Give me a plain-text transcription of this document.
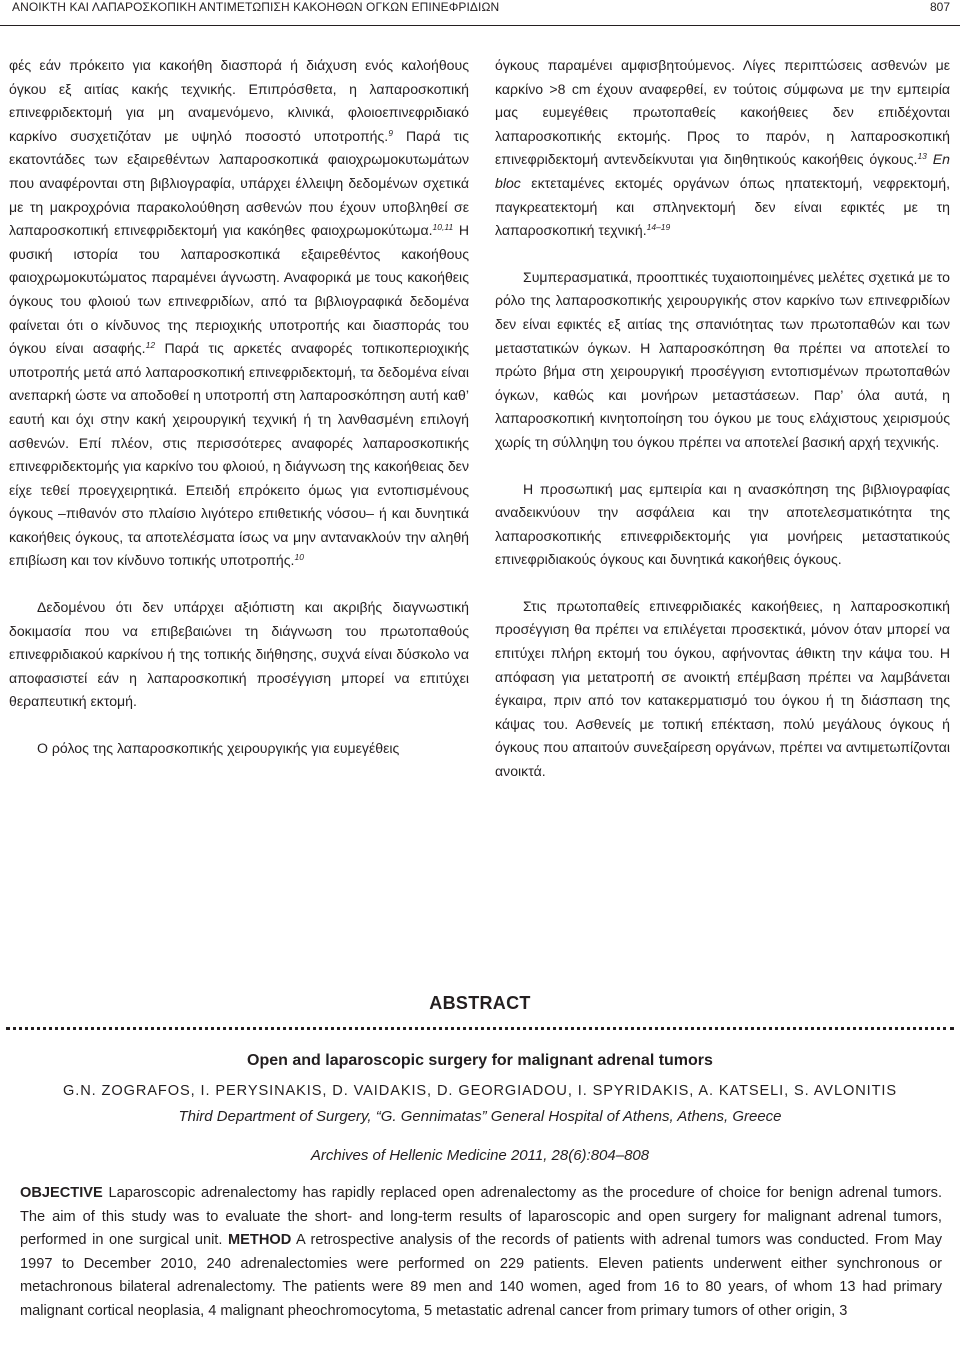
ΑΝΟΙΚΤΗ ΚΑΙ ΛΑΠΑΡΟΣΚΟΠΙΚΗ ΑΝΤΙΜΕΤΩΠΙΣΗ ΚΑΚΟΗΘΩΝ ΟΓΚΩΝ ΕΠΙΝΕΦΡΙΔΙΩΝ	807

φές εάν πρόκειτο για κακοήθη διασπορά ή διάχυση ενός καλοήθους όγκου εξ αιτίας κακής τεχνικής. Επιπρόσθετα, η λαπαροσκοπική επινεφριδεκτομή για μη αναμενόμενο, κλινικά, φλοιοεπινεφριδιακό καρκίνο συσχετιζόταν με υψηλό ποσοστό υποτροπής.$^9$ Παρά τις εκατοντάδες των εξαιρεθέντων λαπαροσκοπικά φαιοχρωμοκυτωμάτων που αναφέρονται στη βιβλιογραφία, υπάρχει έλλειψη δεδομένων σχετικά με τη μακροχρόνια παρακολούθηση ασθενών που έχουν υποβληθεί σε λαπαροσκοπική επινεφριδεκτομή για κακόηθες φαιοχρωμοκύτωμα.$^{10,11}$ Η φυσική ιστορία του λαπαροσκοπικά εξαιρεθέντος κακοήθους φαιοχρωμοκυτώματος παραμένει άγνωστη. Αναφορικά με τους κακοήθεις όγκους του φλοιού των επινεφριδίων, από τα βιβλιογραφικά δεδομένα φαίνεται ότι ο κίνδυνος της περιοχικής υποτροπής και διασποράς του όγκου είναι ασαφής.$^{12}$ Παρά τις αρκετές αναφορές τοπικοπεριοχικής υποτροπής μετά από λαπαροσκοπική επινεφριδεκτομή, τα δεδομένα είναι ανεπαρκή ώστε να αποδοθεί η υποτροπή στη λαπαροσκόπηση αυτή καθ’ εαυτή και όχι στην κακή χειρουργική τεχνική ή τη λανθασμένη επιλογή ασθενών. Επί πλέον, στις περισσότερες αναφορές λαπαροσκοπικής επινεφριδεκτομής για καρκίνο του φλοιού, η διάγνωση της κακοήθειας δεν είχε τεθεί προεγχειρητικά. Επειδή επρόκειτο όμως για εντοπισμένους όγκους ‒πιθανόν στο πλαίσιο λιγότερο επιθετικής νόσου‒ ή και δυνητικά κακοήθεις όγκους, τα αποτελέσματα ίσως να μην αντανακλούν την αληθή επιβίωση και τον κίνδυνο τοπικής υποτροπής.$^{10}$

Δεδομένου ότι δεν υπάρχει αξιόπιστη και ακριβής διαγνωστική δοκιμασία που να επιβεβαιώνει τη διάγνωση του πρωτοπαθούς επινεφριδιακού καρκίνου ή της τοπικής διήθησης, συχνά είναι δύσκολο να αποφασιστεί εάν η λαπαροσκοπική προσέγγιση μπορεί να επιτύχει θεραπευτική εκτομή.

Ο ρόλος της λαπαροσκοπικής χειρουργικής για ευμεγέθεις

όγκους παραμένει αμφισβητούμενος. Λίγες περιπτώσεις ασθενών με καρκίνο >8 cm έχουν αναφερθεί, εν τούτοις σύμφωνα με την εμπειρία μας ευμεγέθεις πρωτοπαθείς κακοήθειες δεν επιδέχονται λαπαροσκοπικής εκτομής. Προς το παρόν, η λαπαροσκοπική επινεφριδεκτομή αντενδείκνυται για διηθητικούς κακοήθεις όγκους.$^{13}$ En bloc εκτεταμένες εκτομές οργάνων όπως ηπατεκτομή, νεφρεκτομή, παγκρεατεκτομή και σπληνεκτομή δεν είναι εφικτές με τη λαπαροσκοπική τεχνική.$^{14‒19}$

Συμπερασματικά, προοπτικές τυχαιοποιημένες μελέτες σχετικά με το ρόλο της λαπαροσκοπικής χειρουργικής στον καρκίνο των επινεφριδίων δεν είναι εφικτές εξ αιτίας της σπανιότητας των πρωτοπαθών και των μεταστατικών όγκων. Η λαπαροσκόπηση θα πρέπει να αποτελεί το πρώτο βήμα στη χειρουργική προσέγγιση εντοπισμένων πρωτοπαθών όγκων, καθώς και μονήρων μεταστάσεων. Παρ’ όλα αυτά, η λαπαροσκοπική κινητοποίηση του όγκου με τους ελάχιστους χειρισμούς χωρίς τη σύλληψη του όγκου πρέπει να αποτελεί βασική αρχή τεχνικής.

Η προσωπική μας εμπειρία και η ανασκόπηση της βιβλιογραφίας αναδεικνύουν την ασφάλεια και την αποτελεσματικότητα της λαπαροσκοπικής επινεφριδεκτομής για μονήρεις μεταστατικούς επινεφριδιακούς όγκους και δυνητικά κακοήθεις όγκους.

Στις πρωτοπαθείς επινεφριδιακές κακοήθειες, η λαπαροσκοπική προσέγγιση θα πρέπει να επιλέγεται προσεκτικά, μόνον όταν μπορεί να επιτύχει πλήρη εκτομή του όγκου, αφήνοντας άθικτη την κάψα του. Η απόφαση για μετατροπή σε ανοικτή επέμβαση πρέπει να λαμβάνεται έγκαιρα, πριν από τον κατακερματισμό του όγκου ή τη διάσπαση της κάψας του. Ασθενείς με τοπική επέκταση, πολύ μεγάλους όγκους ή όγκους που απαιτούν συνεξαίρεση οργάνων, πρέπει να αντιμετωπίζονται ανοικτά.

ABSTRACT
Open and laparoscopic surgery for malignant adrenal tumors
G.N. ZOGRAFOS, I. PERYSINAKIS, D. VAIDAKIS, D. GEORGIADOU, I. SPYRIDAKIS, A. KATSELI, S. AVLONITIS
Third Department of Surgery, “G. Gennimatas” General Hospital of Athens, Athens, Greece
Archives of Hellenic Medicine 2011, 28(6):804‒808

OBJECTIVE Laparoscopic adrenalectomy has rapidly replaced open adrenalectomy as the procedure of choice for benign adrenal tumors. The aim of this study was to evaluate the short- and long-term results of laparoscopic and open surgery for malignant adrenal tumors, performed in one surgical unit. METHOD A retrospective analysis of the records of patients with adrenal tumors was conducted. From May 1997 to December 2010, 240 adrenalectomies were performed on 229 patients. Eleven patients underwent either synchronous or metachronous bilateral adrenalectomy. The patients were 89 men and 140 women, aged from 16 to 80 years, of whom 13 had primary malignant cortical neoplasia, 4 malignant pheochromocytoma, 5 metastatic adrenal cancer from primary tumors of other origin, 3
